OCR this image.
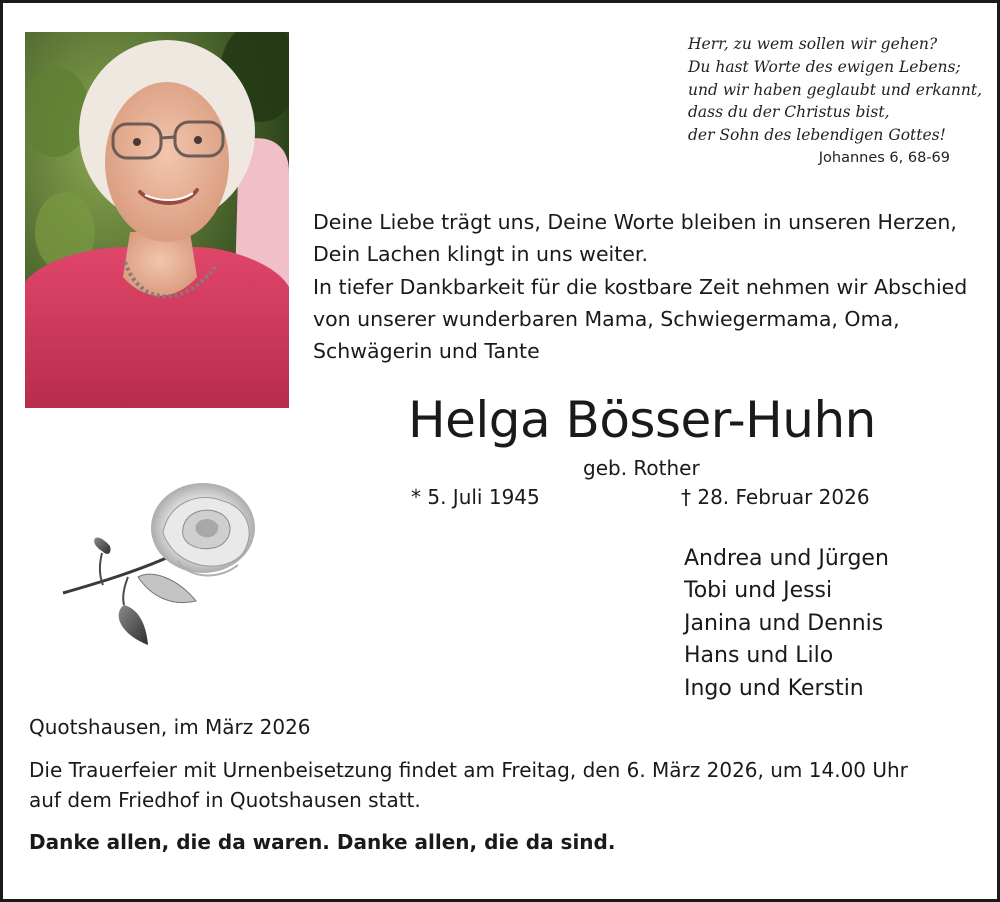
Herr, zu wem sollen wir gehen?
Du hast Worte des ewigen Lebens;
und wir haben geglaubt und erkannt,
dass du der Christus bist,
der Sohn des lebendigen Gottes!
Johannes 6, 68-69
Deine Liebe trägt uns, Deine Worte bleiben in unseren Herzen,
Dein Lachen klingt in uns weiter.
In tiefer Dankbarkeit für die kostbare Zeit nehmen wir Abschied
von unserer wunderbaren Mama, Schwiegermama, Oma,
Schwägerin und Tante
Helga Bösser-Huhn
geb. Rother
* 5. Juli 1945	† 28. Februar 2026
Andrea und Jürgen
Tobi und Jessi
Janina und Dennis
Hans und Lilo
Ingo und Kerstin
Quotshausen, im März 2026
Die Trauerfeier mit Urnenbeisetzung findet am Freitag, den 6. März 2026, um 14.00 Uhr
auf dem Friedhof in Quotshausen statt.
Danke allen, die da waren. Danke allen, die da sind.
